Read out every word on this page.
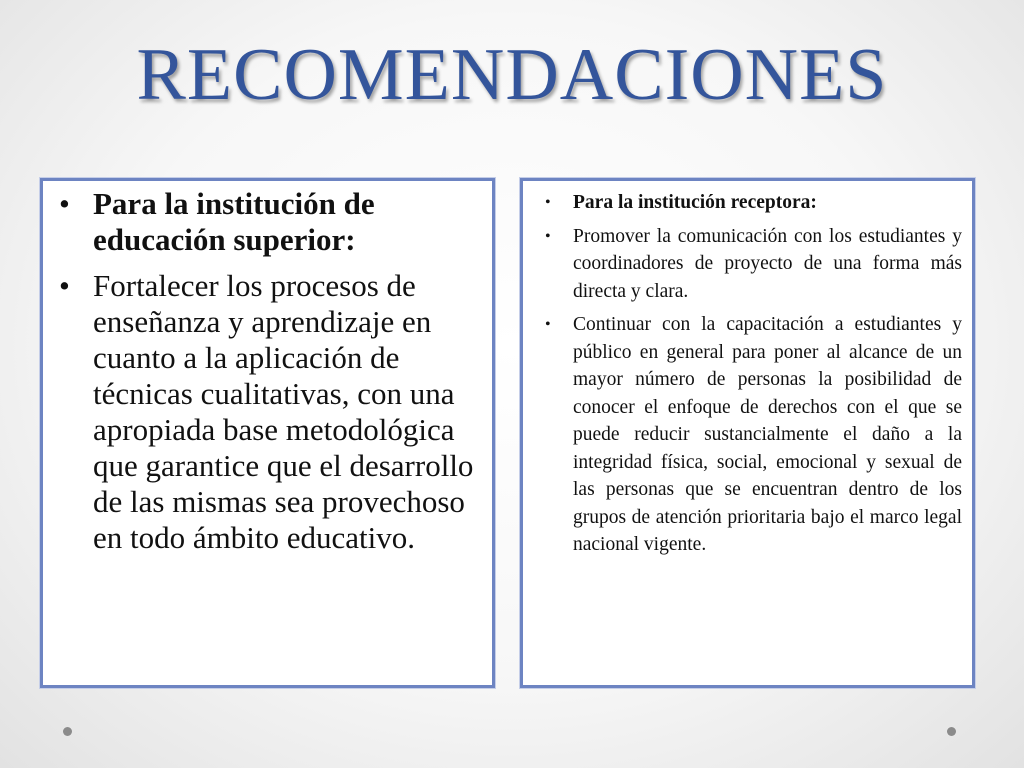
RECOMENDACIONES
• Para la institución de educación superior:
• Fortalecer los procesos de enseñanza y aprendizaje en cuanto a la aplicación de técnicas cualitativas, con una apropiada base metodológica que garantice que el desarrollo de las mismas sea provechoso en todo ámbito educativo.
• Para la institución receptora:
• Promover la comunicación con los estudiantes y coordinadores de proyecto de una forma más directa y clara.
• Continuar con la capacitación a estudiantes y público en general para poner al alcance de un mayor número de personas la posibilidad de conocer el enfoque de derechos con el que se puede reducir sustancialmente el daño a la integridad física, social, emocional y sexual de las personas que se encuentran dentro de los grupos de atención prioritaria bajo el marco legal nacional vigente.
